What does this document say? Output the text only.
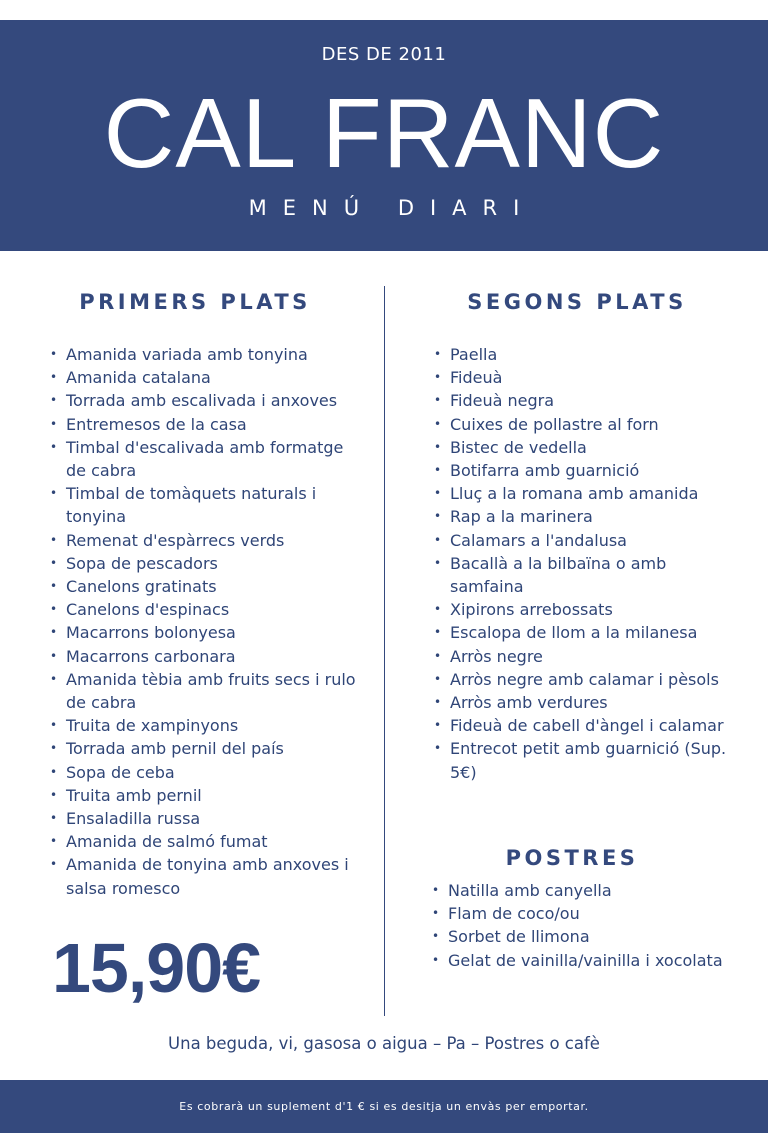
DES DE 2011
CAL FRANC
MENÚ DIARI
PRIMERS PLATS
• Amanida variada amb tonyina
• Amanida catalana
• Torrada amb escalivada i anxoves
• Entremesos de la casa
• Timbal d'escalivada amb formatge de cabra
• Timbal de tomàquets naturals i tonyina
• Remenat d'espàrrecs verds
• Sopa de pescadors
• Canelons gratinats
• Canelons d'espinacs
• Macarrons bolonyesa
• Macarrons carbonara
• Amanida tèbia amb fruits secs i rulo de cabra
• Truita de xampinyons
• Torrada amb pernil del país
• Sopa de ceba
• Truita amb pernil
• Ensaladilla russa
• Amanida de salmó fumat
• Amanida de tonyina amb anxoves i salsa romesco
SEGONS PLATS
• Paella
• Fideuà
• Fideuà negra
• Cuixes de pollastre al forn
• Bistec de vedella
• Botifarra amb guarnició
• Lluç a la romana amb amanida
• Rap a la marinera
• Calamars a l'andalusa
• Bacallà a la bilbaïna o amb samfaina
• Xipirons arrebossats
• Escalopa de llom a la milanesa
• Arròs negre
• Arròs negre amb calamar i pèsols
• Arròs amb verdures
• Fideuà de cabell d'àngel i calamar
• Entrecot petit amb guarnició (Sup. 5€)
POSTRES
• Natilla amb canyella
• Flam de coco/ou
• Sorbet de llimona
• Gelat de vainilla/vainilla i xocolata
15,90€
Una beguda, vi, gasosa o aigua – Pa – Postres o cafè
Es cobrarà un suplement d'1 € si es desitja un envàs per emportar.
